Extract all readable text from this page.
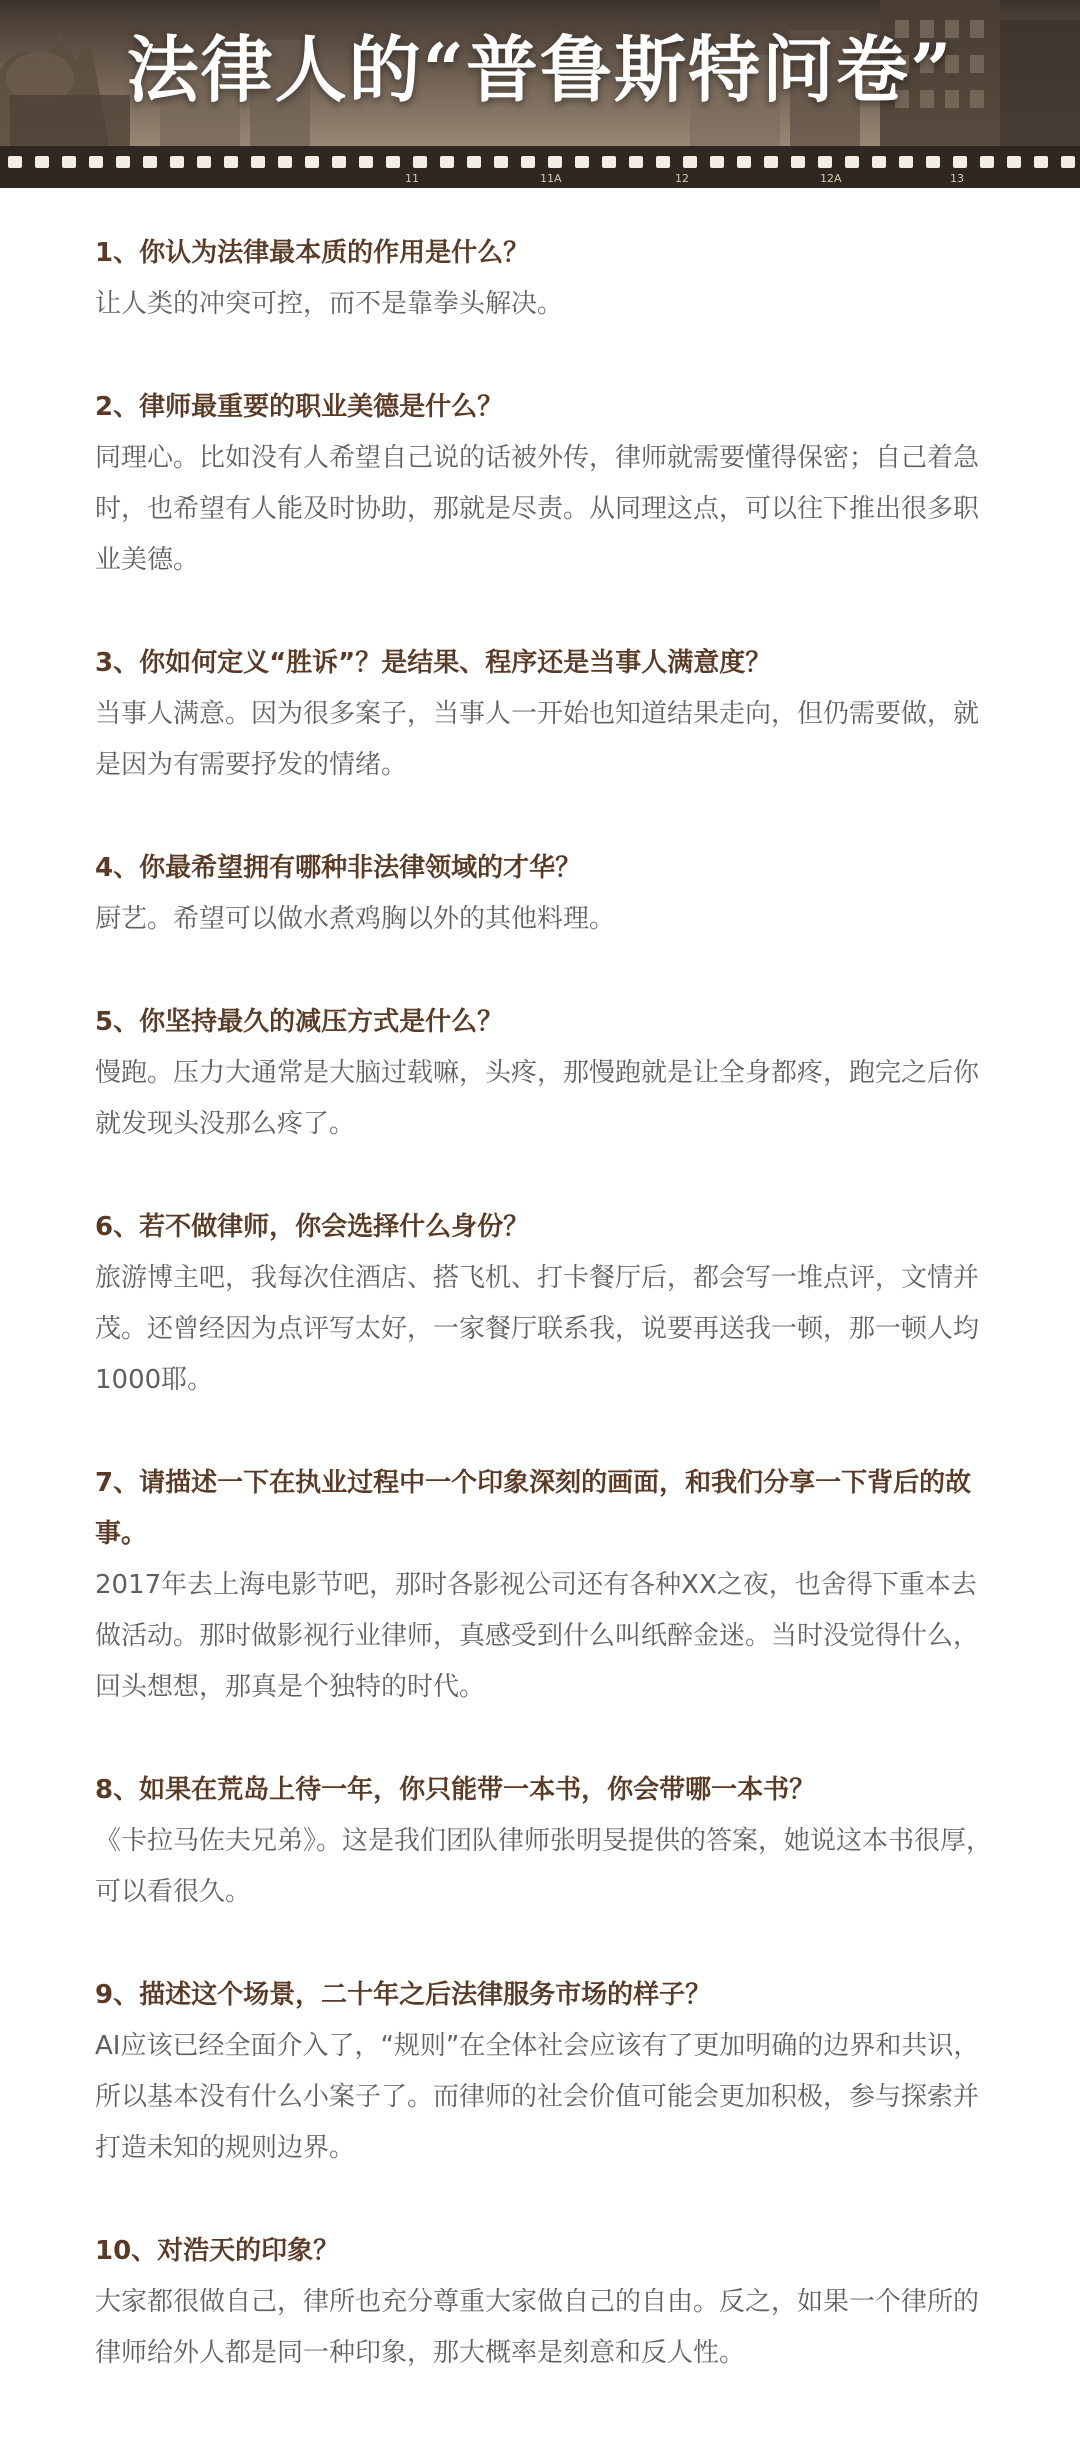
法律人的“普鲁斯特问卷”
11	11A	12	12A	13

1、你认为法律最本质的作用是什么？

让人类的冲突可控，而不是靠拳头解决。

2、律师最重要的职业美德是什么？

同理心。比如没有人希望自己说的话被外传，律师就需要懂得保密；自己着急时，也希望有人能及时协助，那就是尽责。从同理这点，可以往下推出很多职业美德。

3、你如何定义“胜诉”？是结果、程序还是当事人满意度？

当事人满意。因为很多案子，当事人一开始也知道结果走向，但仍需要做，就是因为有需要抒发的情绪。

4、你最希望拥有哪种非法律领域的才华？

厨艺。希望可以做水煮鸡胸以外的其他料理。

5、你坚持最久的减压方式是什么？

慢跑。压力大通常是大脑过载嘛，头疼，那慢跑就是让全身都疼，跑完之后你就发现头没那么疼了。

6、若不做律师，你会选择什么身份？

旅游博主吧，我每次住酒店、搭飞机、打卡餐厅后，都会写一堆点评，文情并茂。还曾经因为点评写太好，一家餐厅联系我，说要再送我一顿，那一顿人均1000耶。

7、请描述一下在执业过程中一个印象深刻的画面，和我们分享一下背后的故事。

2017年去上海电影节吧，那时各影视公司还有各种XX之夜，也舍得下重本去做活动。那时做影视行业律师，真感受到什么叫纸醉金迷。当时没觉得什么，回头想想，那真是个独特的时代。

8、如果在荒岛上待一年，你只能带一本书，你会带哪一本书？

《卡拉马佐夫兄弟》。这是我们团队律师张明旻提供的答案，她说这本书很厚，可以看很久。

9、描述这个场景，二十年之后法律服务市场的样子？

AI应该已经全面介入了，“规则”在全体社会应该有了更加明确的边界和共识，所以基本没有什么小案子了。而律师的社会价值可能会更加积极，参与探索并打造未知的规则边界。

10、对浩天的印象？

大家都很做自己，律所也充分尊重大家做自己的自由。反之，如果一个律所的律师给外人都是同一种印象，那大概率是刻意和反人性。
